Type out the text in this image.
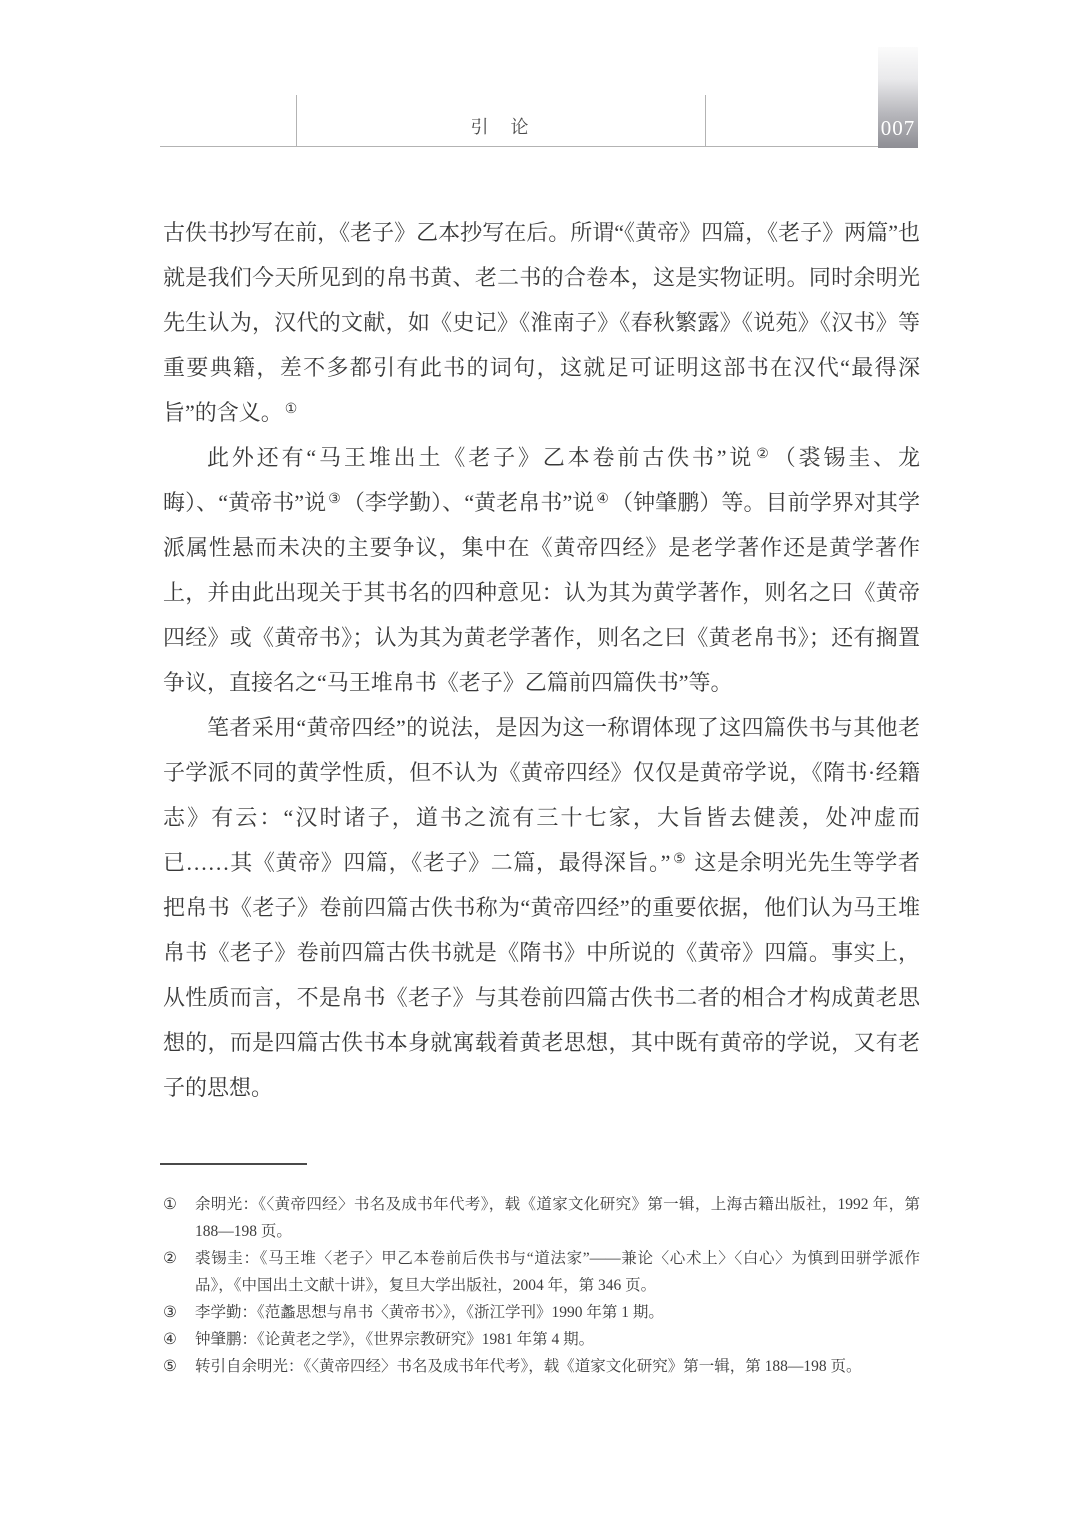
引　论	007

古佚书抄写在前，《老子》乙本抄写在后。所谓“《黄帝》四篇，《老子》两篇”也就是我们今天所见到的帛书黄、老二书的合卷本，这是实物证明。同时余明光先生认为，汉代的文献，如《史记》《淮南子》《春秋繁露》《说苑》《汉书》等重要典籍，差不多都引有此书的词句，这就足可证明这部书在汉代“最得深旨”的含义。 ①

此外还有“马王堆出土《老子》乙本卷前古佚书”说 ②（裘锡圭、龙晦）、“黄帝书”说 ③（李学勤）、“黄老帛书”说 ④（钟肇鹏）等。目前学界对其学派属性悬而未决的主要争议，集中在《黄帝四经》是老学著作还是黄学著作上，并由此出现关于其书名的四种意见：认为其为黄学著作，则名之曰《黄帝四经》或《黄帝书》；认为其为黄老学著作，则名之曰《黄老帛书》；还有搁置争议，直接名之“马王堆帛书《老子》乙篇前四篇佚书”等。

笔者采用“黄帝四经”的说法，是因为这一称谓体现了这四篇佚书与其他老子学派不同的黄学性质，但不认为《黄帝四经》仅仅是黄帝学说，《隋书·经籍志》有云：“汉时诸子，道书之流有三十七家，大旨皆去健羡，处冲虚而已……其《黄帝》四篇，《老子》二篇，最得深旨。” ⑤ 这是余明光先生等学者把帛书《老子》卷前四篇古佚书称为“黄帝四经”的重要依据，他们认为马王堆帛书《老子》卷前四篇古佚书就是《隋书》中所说的《黄帝》四篇。事实上，从性质而言，不是帛书《老子》与其卷前四篇古佚书二者的相合才构成黄老思想的，而是四篇古佚书本身就寓载着黄老思想，其中既有黄帝的学说，又有老子的思想。

①	余明光：《〈黄帝四经〉书名及成书年代考》，载《道家文化研究》第一辑，上海古籍出版社，1992 年，第 188—198 页。
②	裘锡圭：《马王堆〈老子〉甲乙本卷前后佚书与“道法家”——兼论〈心术上〉〈白心〉为慎到田骈学派作品》，《中国出土文献十讲》，复旦大学出版社，2004 年，第 346 页。
③	李学勤：《范蠡思想与帛书〈黄帝书〉》，《浙江学刊》1990 年第 1 期。
④	钟肇鹏：《论黄老之学》，《世界宗教研究》1981 年第 4 期。
⑤	转引自余明光：《〈黄帝四经〉书名及成书年代考》，载《道家文化研究》第一辑，第 188—198 页。
